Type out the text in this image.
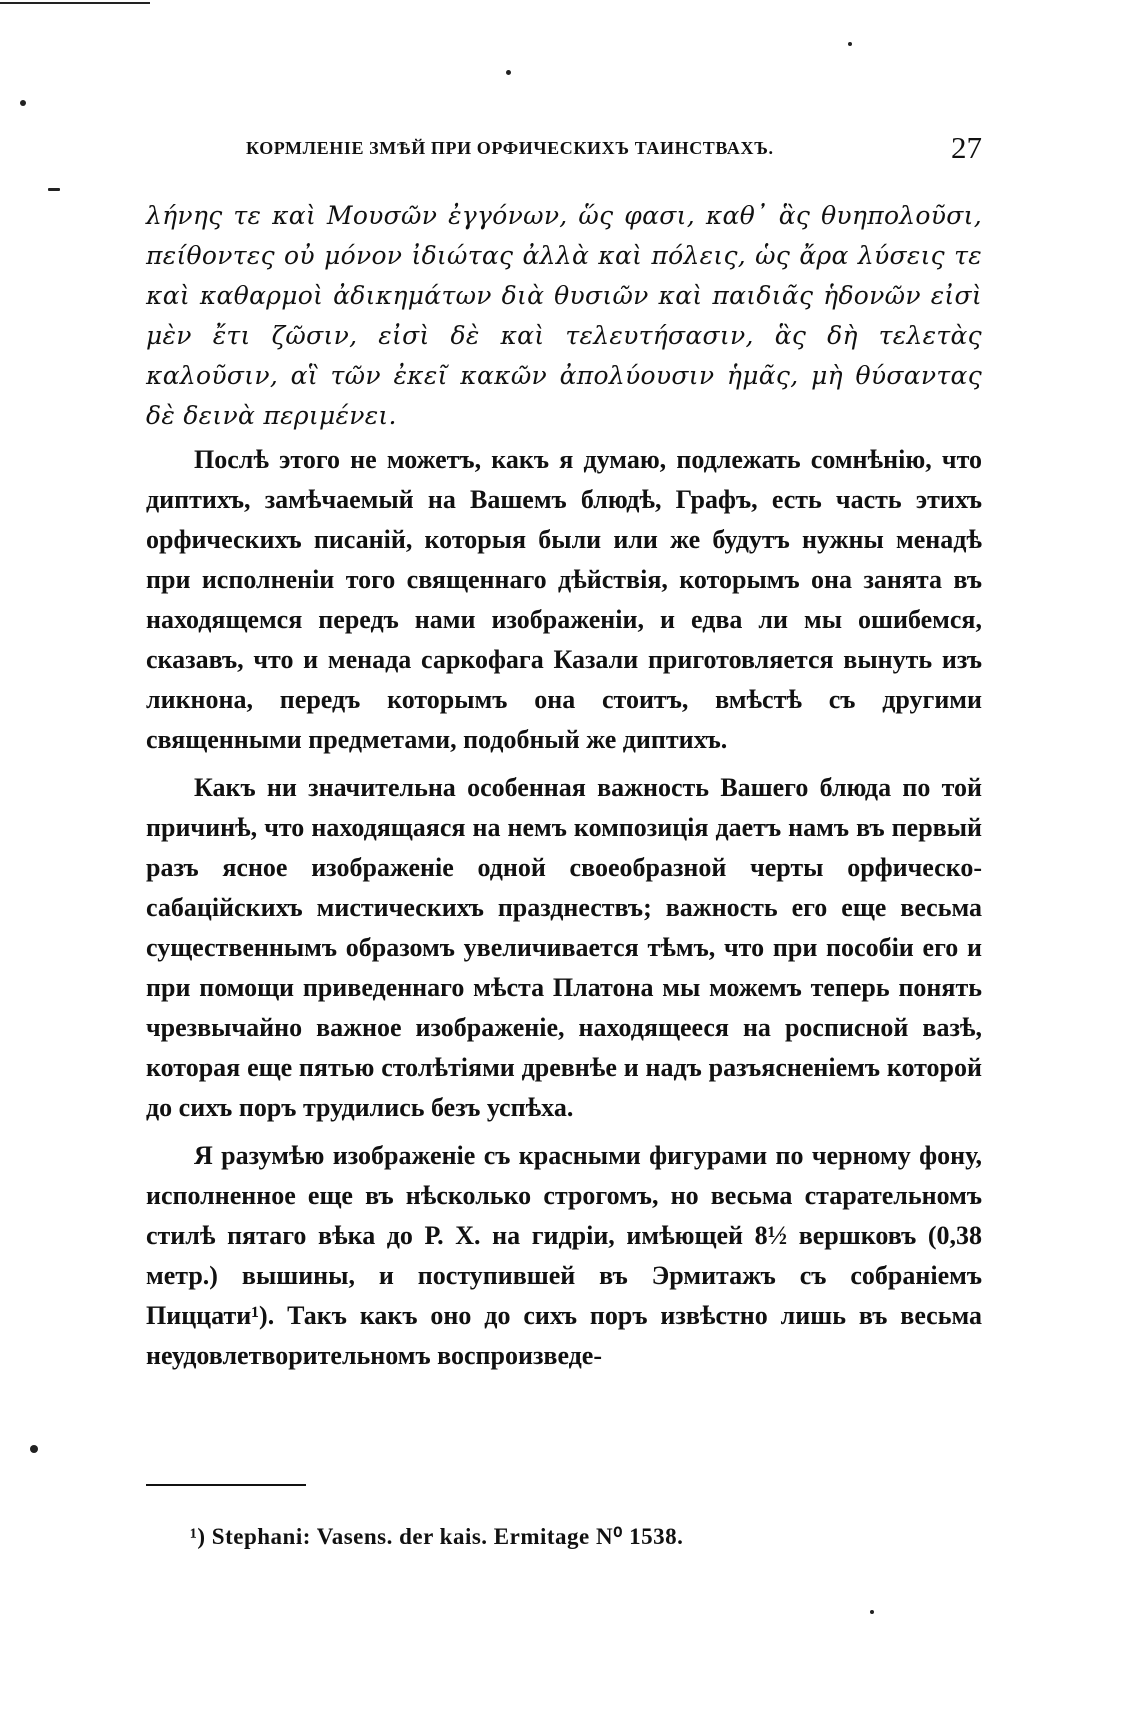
КОРМЛЕНІЕ ЗМѢЙ ПРИ ОРФИЧЕСКИХЪ ТАИНСТВАХЪ.	27

λήνης τε καὶ Μουσῶν ἐγγόνων, ὥς φασι, καθ᾽ ἃς θυηπολοῦσι, πείθοντες οὐ μόνον ἰδιώτας ἀλλὰ καὶ πόλεις, ὡς ἄρα λύσεις τε καὶ καθαρμοὶ ἀδικημάτων διὰ θυσιῶν καὶ παιδιᾶς ἡδονῶν εἰσὶ μὲν ἔτι ζῶσιν, εἰσὶ δὲ καὶ τελευτήσασιν, ἃς δὴ τελετὰς καλοῦσιν, αἳ τῶν ἐκεῖ κακῶν ἀπολύουσιν ἡμᾶς, μὴ θύσαντας δὲ δεινὰ περιμένει.

Послѣ этого не можетъ, какъ я думаю, подлежать сомнѣнію, что диптихъ, замѣчаемый на Вашемъ блюдѣ, Графъ, есть часть этихъ орфическихъ писаній, которыя были или же будутъ нужны менадѣ при исполненіи того священнаго дѣйствія, которымъ она занята въ находящемся передъ нами изображеніи, и едва ли мы ошибемся, сказавъ, что и менада саркофага Казали приготовляется вынуть изъ ликнона, передъ которымъ она стоитъ, вмѣстѣ съ другими священными предметами, подобный же диптихъ.

Какъ ни значительна особенная важность Вашего блюда по той причинѣ, что находящаяся на немъ композиція даетъ намъ въ первый разъ ясное изображеніе одной своеобразной черты орфическо-сабацiйскихъ мистическихъ празднествъ; важность его еще весьма существеннымъ образомъ увеличивается тѣмъ, что при пособіи его и при помощи приведеннаго мѣста Платона мы можемъ теперь понять чрезвычайно важное изображеніе, находящееся на росписной вазѣ, которая еще пятью столѣтіями древнѣе и надъ разъясненіемъ которой до сихъ поръ трудились безъ успѣха.

Я разумѣю изображеніе съ красными фигурами по черному фону, исполненное еще въ нѣсколько строгомъ, но весьма старательномъ стилѣ пятаго вѣка до Р. Х. на гидріи, имѣющей 8½ вершковъ (0,38 метр.) вышины, и поступившей въ Эрмитажъ съ собраніемъ Пиццати¹). Такъ какъ оно до сихъ поръ извѣстно лишь въ весьма неудовлетворительномъ воспроизведе-

¹) Stephani: Vasens. der kais. Ermitage N⁰ 1538.
